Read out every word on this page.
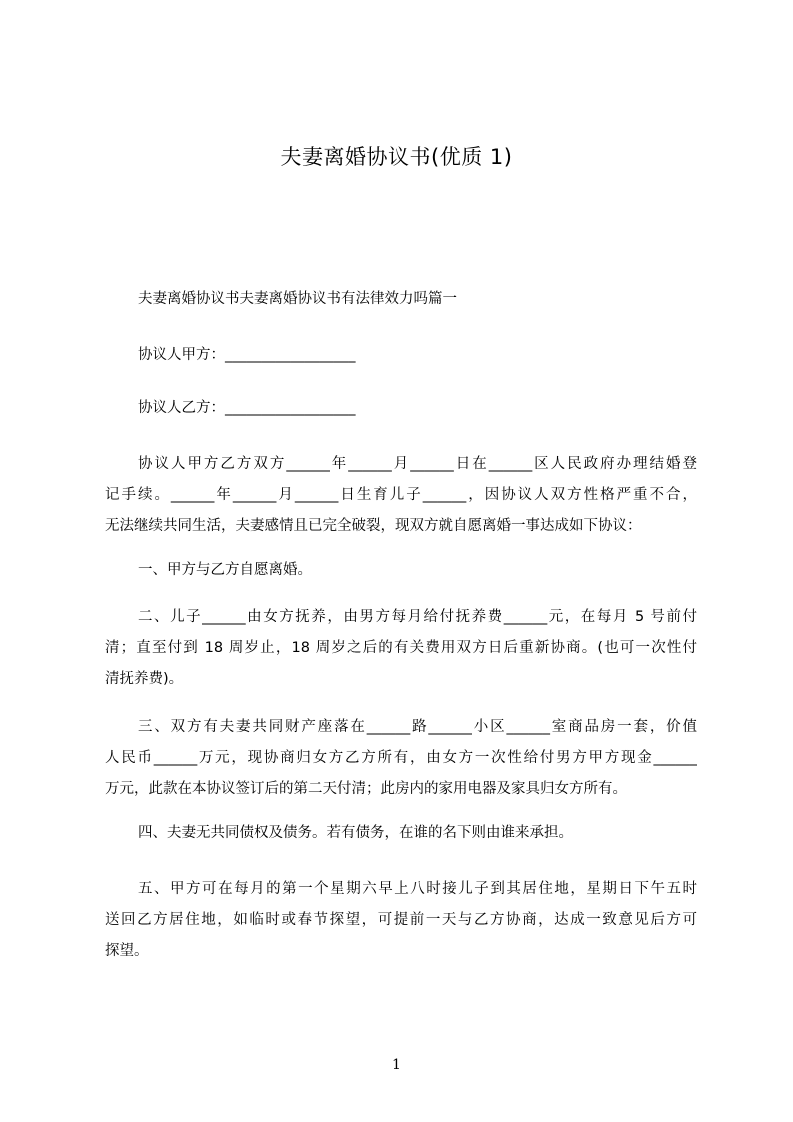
夫妻离婚协议书(优质 1)
夫妻离婚协议书夫妻离婚协议书有法律效力吗篇一
协议人甲方：__________________
协议人乙方：__________________
协议人甲方乙方双方______年______月______日在______区人民政府办理结婚登
记手续。______年______月______日生育儿子______，因协议人双方性格严重不合，
无法继续共同生活，夫妻感情且已完全破裂，现双方就自愿离婚一事达成如下协议：
一、甲方与乙方自愿离婚。
二、儿子______由女方抚养，由男方每月给付抚养费______元，在每月 5 号前付
清；直至付到 18 周岁止，18 周岁之后的有关费用双方日后重新协商。(也可一次性付
清抚养费)。
三、双方有夫妻共同财产座落在______路______小区______室商品房一套，价值
人民币______万元，现协商归女方乙方所有，由女方一次性给付男方甲方现金______
万元，此款在本协议签订后的第二天付清；此房内的家用电器及家具归女方所有。
四、夫妻无共同债权及债务。若有债务，在谁的名下则由谁来承担。
五、甲方可在每月的第一个星期六早上八时接儿子到其居住地，星期日下午五时
送回乙方居住地，如临时或春节探望，可提前一天与乙方协商，达成一致意见后方可
探望。
1
